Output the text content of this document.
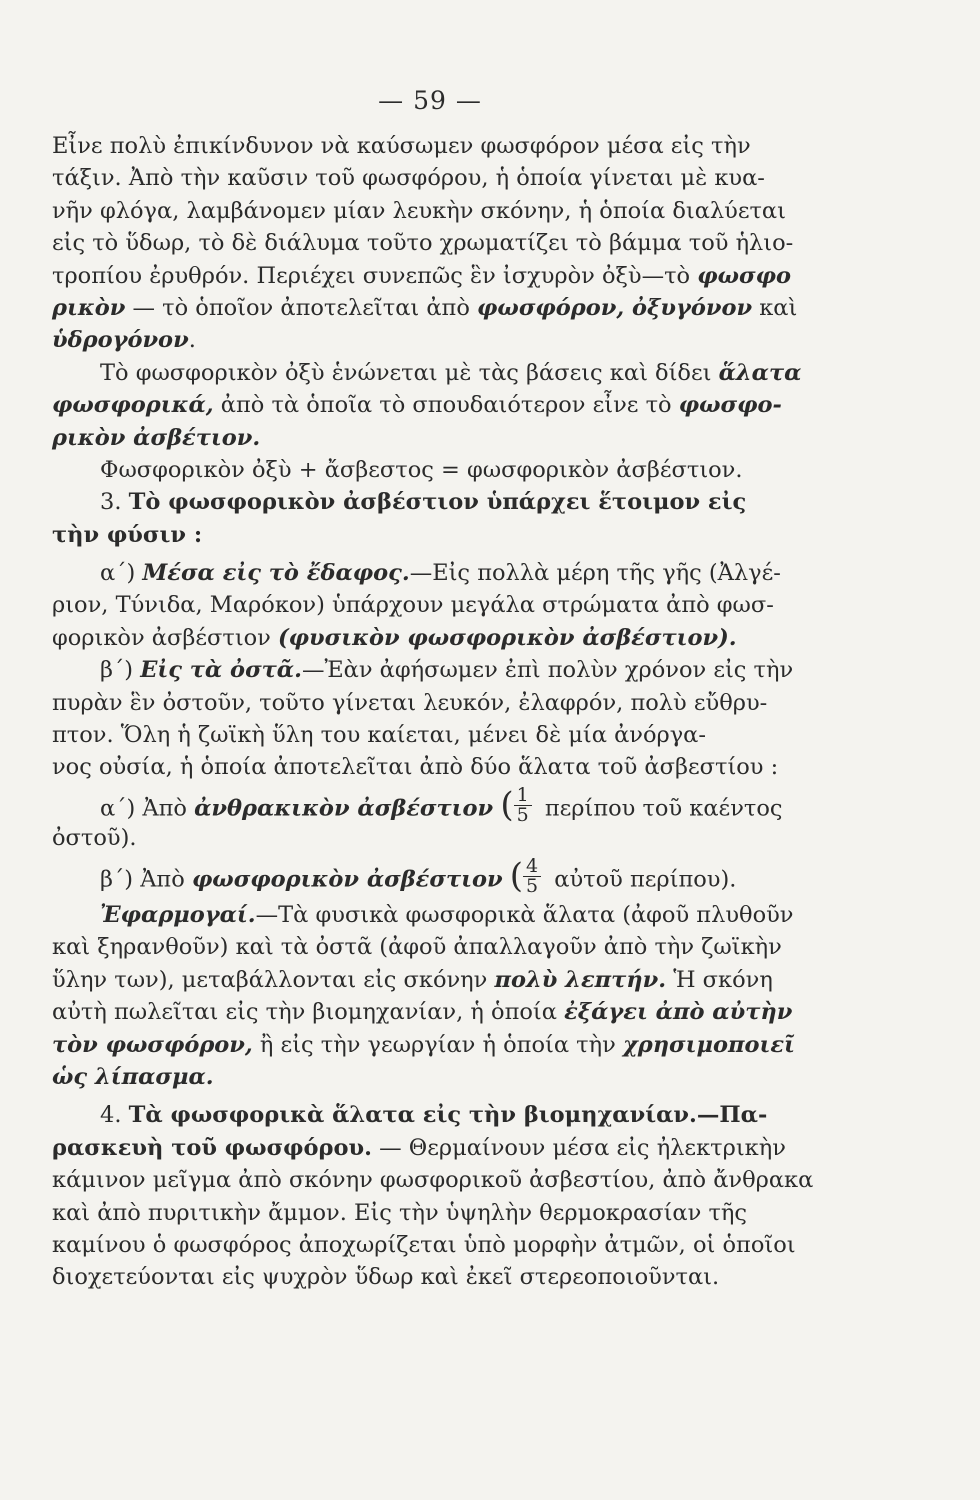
— 59 —
Εἶνε πολὺ ἐπικίνδυνον νὰ καύσωμεν φωσφόρον μέσα εἰς τὴν
τάξιν. Ἀπὸ τὴν καῦσιν τοῦ φωσφόρου, ἡ ὁποία γίνεται μὲ κυα-
νῆν φλόγα, λαμβάνομεν μίαν λευκὴν σκόνην, ἡ ὁποία διαλύεται
εἰς τὸ ὕδωρ, τὸ δὲ διάλυμα τοῦτο χρωματίζει τὸ βάμμα τοῦ ἡλιο-
τροπίου ἐρυθρόν. Περιέχει συνεπῶς ἓν ἰσχυρὸν ὀξὺ—τὸ φωσφο
ρικὸν — τὸ ὁποῖον ἀποτελεῖται ἀπὸ φωσφόρον, ὀξυγόνον καὶ
ὑδρογόνον.
Τὸ φωσφορικὸν ὀξὺ ἑνώνεται μὲ τὰς βάσεις καὶ δίδει ἅλατα
φωσφορικά, ἀπὸ τὰ ὁποῖα τὸ σπουδαιότερον εἶνε τὸ φωσφο-
ρικὸν ἀσβέτιον.
Φωσφορικὸν ὀξὺ + ἄσβεστος = φωσφορικὸν ἀσβέστιον.
3. Τὸ φωσφορικὸν ἀσβέστιον ὑπάρχει ἕτοιμον εἰς
τὴν φύσιν :
α΄) Μέσα εἰς τὸ ἔδαφος.—Εἰς πολλὰ μέρη τῆς γῆς (Ἀλγέ-
ριον, Τύνιδα, Μαρόκον) ὑπάρχουν μεγάλα στρώματα ἀπὸ φωσ-
φορικὸν ἀσβέστιον (φυσικὸν φωσφορικὸν ἀσβέστιον).
β΄) Εἰς τὰ ὀστᾶ.—Ἐὰν ἀφήσωμεν ἐπὶ πολὺν χρόνον εἰς τὴν
πυρὰν ἓν ὀστοῦν, τοῦτο γίνεται λευκόν, ἐλαφρόν, πολὺ εὔθρυ-
πτον. Ὅλη ἡ ζωϊκὴ ὕλη του καίεται, μένει δὲ μία ἀνόργα-
νος οὐσία, ἡ ὁποία ἀποτελεῖται ἀπὸ δύο ἅλατα τοῦ ἀσβεστίου :
α΄) Ἀπὸ ἀνθρακικὸν ἀσβέστιον ( $\frac{1}{5}$ περίπου τοῦ καέντος
ὀστοῦ).
β΄) Ἀπὸ φωσφορικὸν ἀσβέστιον ( $\frac{4}{5}$ αὐτοῦ περίπου).
Ἐφαρμογαί.—Τὰ φυσικὰ φωσφορικὰ ἅλατα (ἀφοῦ πλυθοῦν
καὶ ξηρανθοῦν) καὶ τὰ ὀστᾶ (ἀφοῦ ἀπαλλαγοῦν ἀπὸ τὴν ζωϊκὴν
ὕλην των), μεταβάλλονται εἰς σκόνην πολὺ λεπτήν. Ἡ σκόνη
αὐτὴ πωλεῖται εἰς τὴν βιομηχανίαν, ἡ ὁποία ἐξάγει ἀπὸ αὐτὴν
τὸν φωσφόρον, ἢ εἰς τὴν γεωργίαν ἡ ὁποία τὴν χρησιμοποιεῖ
ὡς λίπασμα.
4. Τὰ φωσφορικὰ ἅλατα εἰς τὴν βιομηχανίαν.—Πα-
ρασκευὴ τοῦ φωσφόρου. — Θερμαίνουν μέσα εἰς ἠλεκτρικὴν
κάμινον μεῖγμα ἀπὸ σκόνην φωσφορικοῦ ἀσβεστίου, ἀπὸ ἄνθρακα
καὶ ἀπὸ πυριτικὴν ἄμμον. Εἰς τὴν ὑψηλὴν θερμοκρασίαν τῆς
καμίνου ὁ φωσφόρος ἀποχωρίζεται ὑπὸ μορφὴν ἀτμῶν, οἱ ὁποῖοι
διοχετεύονται εἰς ψυχρὸν ὕδωρ καὶ ἐκεῖ στερεοποιοῦνται.
